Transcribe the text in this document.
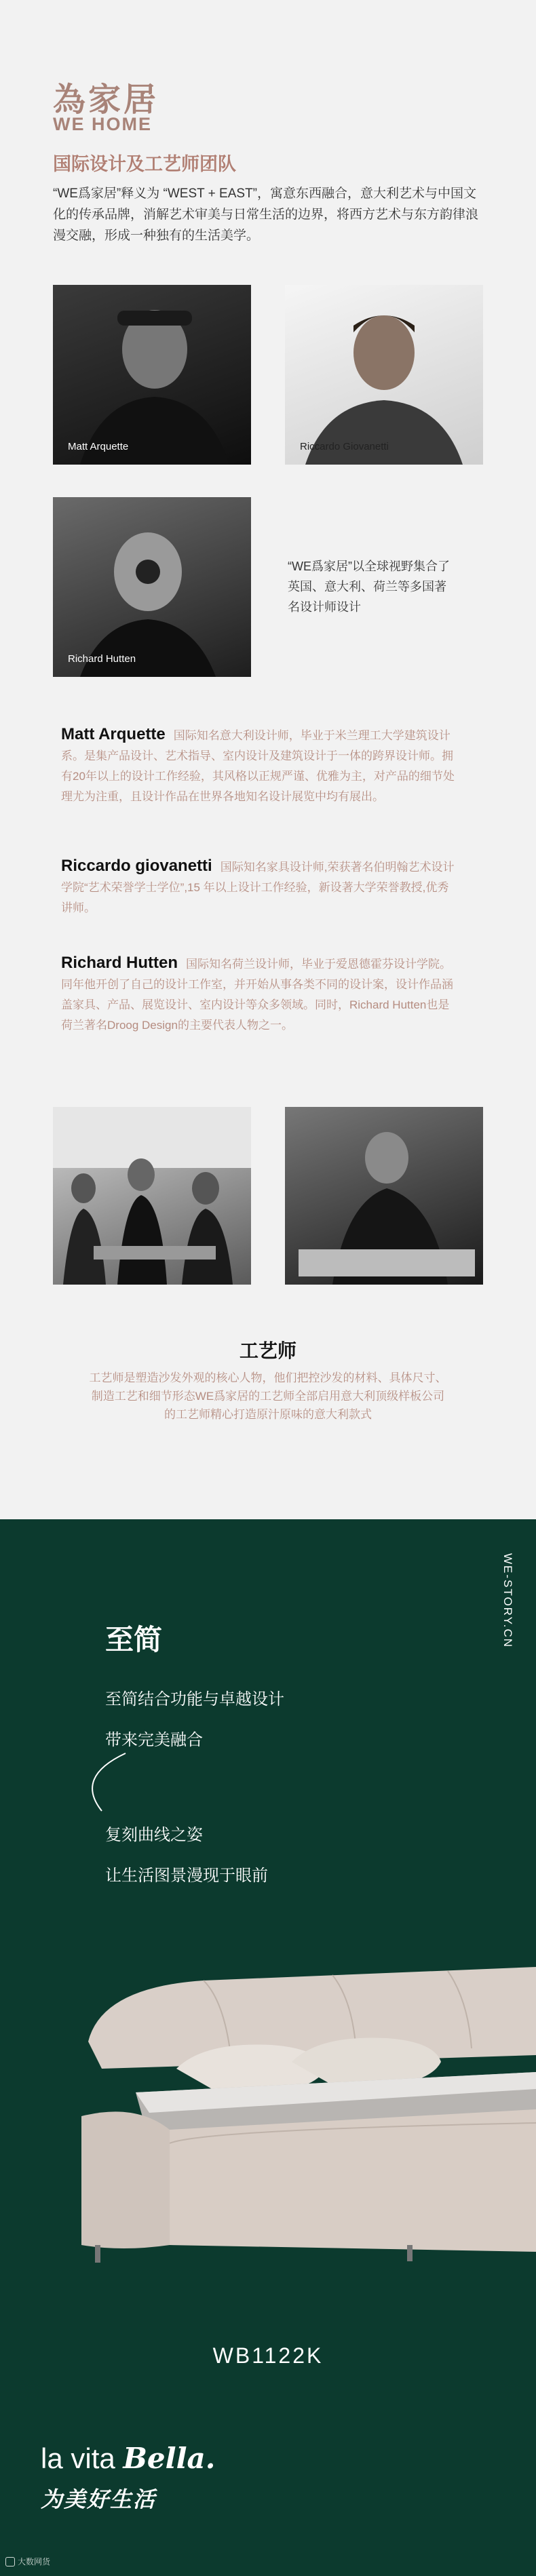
為家居
WE HOME
国际设计及工艺师团队
“WE爲家居”释义为 “WEST + EAST”，寓意东西融合，意大利艺术与中国文化的传承品牌，消解艺术审美与日常生活的边界，将西方艺术与东方韵律浪漫交融，形成一种独有的生活美学。
Matt Arquette	Riccardo Giovanetti
Richard Hutten
“WE爲家居”以全球视野集合了英国、意大利、荷兰等多国著名设计师设计
Matt Arquette 国际知名意大利设计师，毕业于米兰理工大学建筑设计系。是集产品设计、艺术指导、室内设计及建筑设计于一体的跨界设计师。拥有20年以上的设计工作经验，其风格以正规严谨、优雅为主，对产品的细节处理尤为注重，且设计作品在世界各地知名设计展览中均有展出。
Riccardo giovanetti 国际知名家具设计师,荣获著名伯明翰艺术设计学院“艺术荣誉学士学位”,15 年以上设计工作经验，新设著大学荣誉教授,优秀讲师。
Richard Hutten 国际知名荷兰设计师，毕业于爱恩德霍芬设计学院。同年他开创了自己的设计工作室，并开始从事各类不同的设计案，设计作品涵盖家具、产品、展览设计、室内设计等众多领域。同时，Richard Hutten也是荷兰著名Droog Design的主要代表人物之一。
工艺师
工艺师是塑造沙发外观的核心人物，他们把控沙发的材料、具体尺寸、制造工艺和细节形态WE爲家居的工艺师全部启用意大利顶级样板公司的工艺师精心打造原汁原味的意大利款式
WE-STORY.CN
至简
至简结合功能与卓越设计
带来完美融合
复刻曲线之姿
让生活图景漫现于眼前
WB1122K
la vita Bella.
为美好生活
大数网货
